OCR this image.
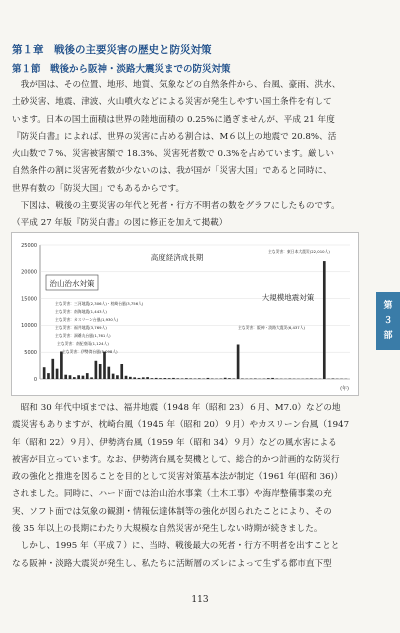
第１章　戦後の主要災害の歴史と防災対策
第１節　戦後から阪神・淡路大震災までの防災対策
　我が国は、その位置、地形、地質、気象などの自然条件から、台風、豪雨、洪水、
土砂災害、地震、津波、火山噴火などによる災害が発生しやすい国土条件を有して
います。日本の国土面積は世界の陸地面積の 0.25%に過ぎませんが、平成 21 年度
『防災白書』によれば、世界の災害に占める割合は、M６以上の地震で 20.8%、活
火山数で７%、災害被害額で 18.3%、災害死者数で 0.3%を占めています。厳しい
自然条件の割に災害死者数が少ないのは、我が国が「災害大国」であると同時に、
世界有数の「防災大国」でもあるからです。
　下図は、戦後の主要災害の年代と死者・行方不明者の数をグラフにしたものです。
（平成 27 年版『防災白書』の図に修正を加えて掲載）
第
３
部
25000
20000
15000
10000
5000
0
治山治水対策
高度経済成長期
大規模地震対策
(年)
主な災害：三河地震(2,306人)・枕崎台風(3,756人)
主な災害：南海地震(1,443人)
主な災害：カスリーン台風(1,930人)
主な災害：福井地震(3,769人)
主な災害：洞爺丸台風(1,761人)
主な災害：南紀豪雨(1,124人)
主な災害：伊勢湾台風(5,098人)
主な災害：阪神・淡路大震災(6,437人)
主な災害：東日本大震災(22,010人)
　昭和 30 年代中頃までは、福井地震（1948 年（昭和 23）６月、M7.0）などの地
震災害もありますが、枕崎台風（1945 年（昭和 20）９月）やカスリーン台風（1947
年（昭和 22）９月）、伊勢湾台風（1959 年（昭和 34）９月）などの風水害による
被害が目立っています。なお、伊勢湾台風を契機として、総合的かつ計画的な防災行
政の強化と推進を図ることを目的として災害対策基本法が制定（1961 年(昭和 36)）
されました。同時に、ハード面では治山治水事業（土木工事）や海岸整備事業の充
実、ソフト面では気象の観測・情報伝達体制等の強化が図られたことにより、その
後 35 年以上の長期にわたり大規模な自然災害が発生しない時期が続きました。
　しかし、1995 年（平成７）に、当時、戦後最大の死者・行方不明者を出すことと
なる阪神・淡路大震災が発生し、私たちに活断層のズレによって生ずる都市直下型
113
